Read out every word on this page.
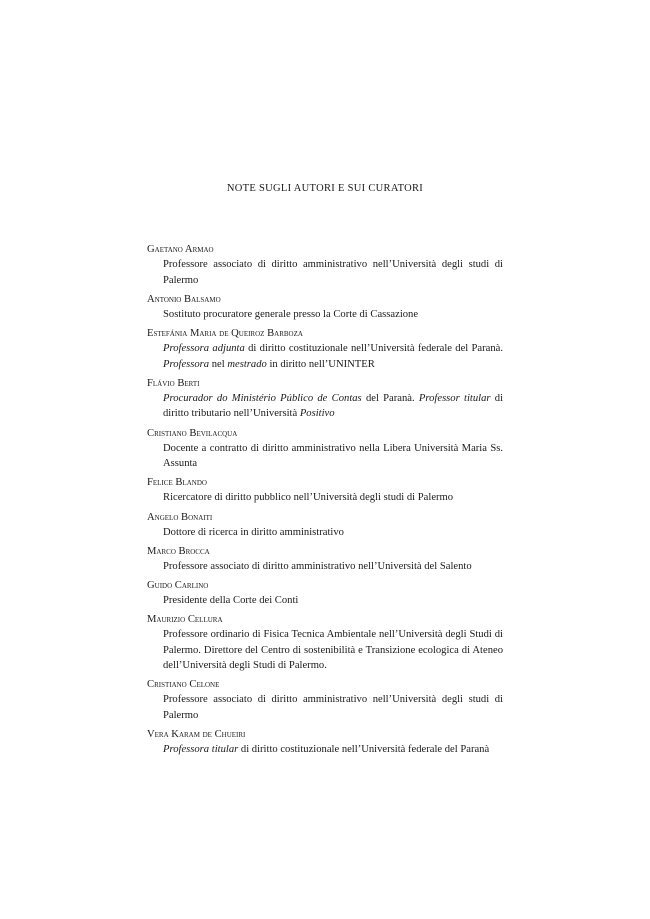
NOTE SUGLI AUTORI E SUI CURATORI
Gaetano Armao
Professore associato di diritto amministrativo nell’Università degli studi di Palermo
Antonio Balsamo
Sostituto procuratore generale presso la Corte di Cassazione
Estefánia Maria de Queiroz Barboza
Professora adjunta di diritto costituzionale nell’Università federale del Paranà. Professora nel mestrado in diritto nell’UNINTER
Flávio Berti
Procurador do Ministério Público de Contas del Paranà. Professor titular di diritto tributario nell’Università Positivo
Cristiano Bevilacqua
Docente a contratto di diritto amministrativo nella Libera Università Maria Ss. Assunta
Felice Blando
Ricercatore di diritto pubblico nell’Università degli studi di Palermo
Angelo Bonaiti
Dottore di ricerca in diritto amministrativo
Marco Brocca
Professore associato di diritto amministrativo nell’Università del Salento
Guido Carlino
Presidente della Corte dei Conti
Maurizio Cellura
Professore ordinario di Fisica Tecnica Ambientale nell’Università degli Studi di Palermo. Direttore del Centro di sostenibilità e Transizione ecologica di Ateneo dell’Università degli Studi di Palermo.
Cristiano Celone
Professore associato di diritto amministrativo nell’Università degli studi di Palermo
Vera Karam de Chueiri
Professora titular di diritto costituzionale nell’Università federale del Paranà
